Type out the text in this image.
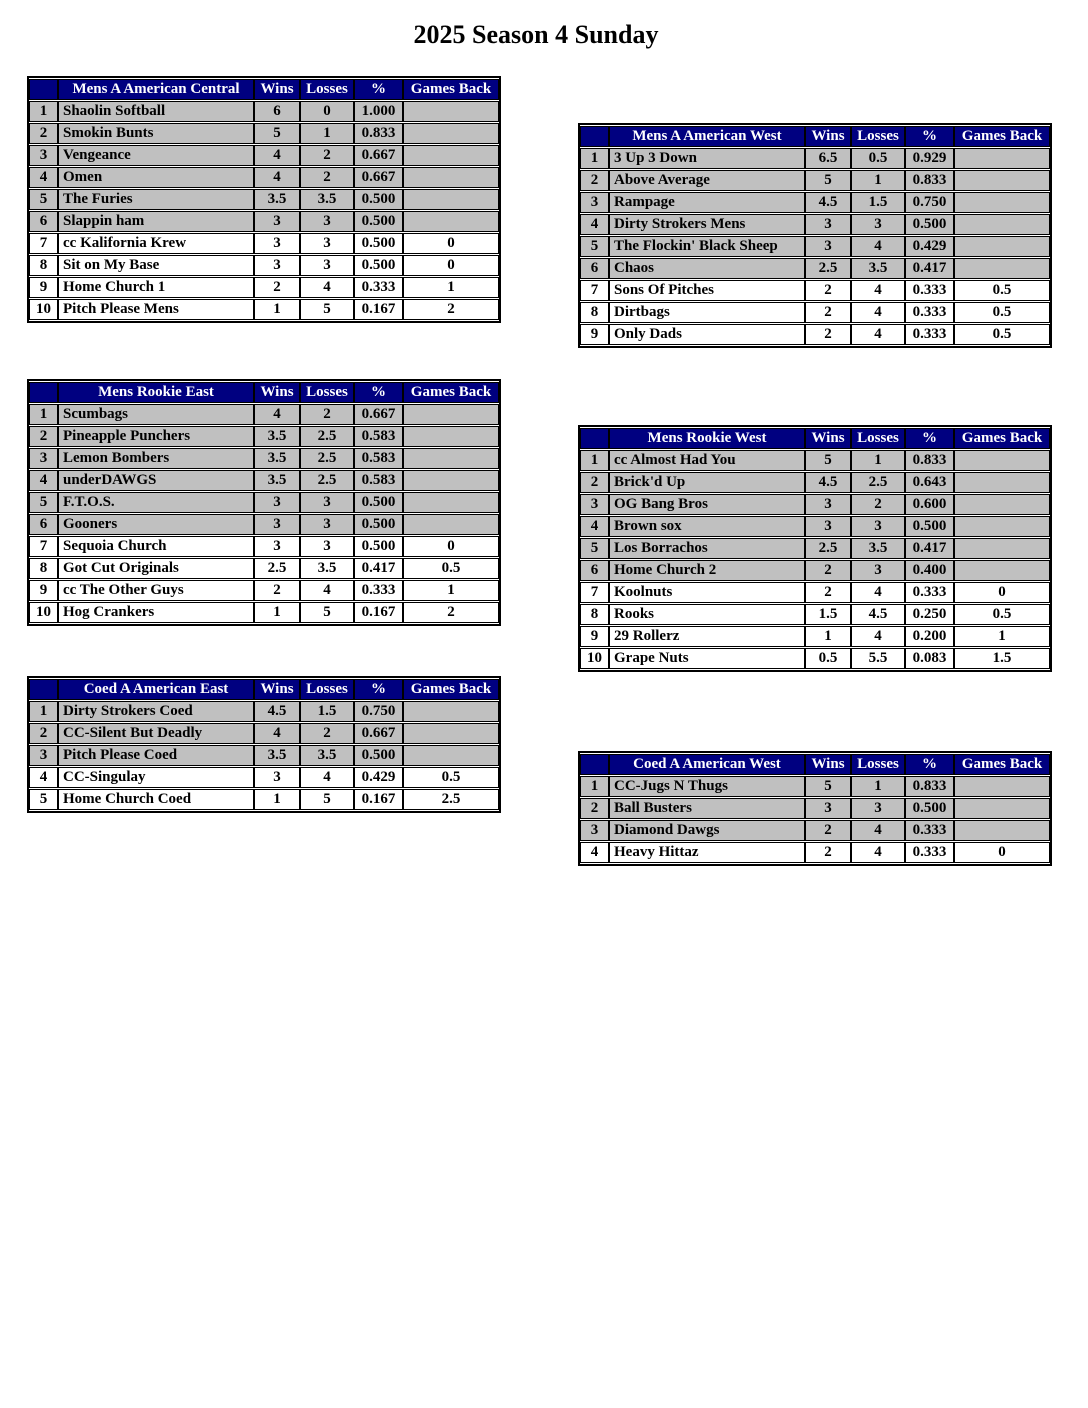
2025 Season 4 Sunday
	Mens A American Central	Wins	Losses	%	Games Back
1	Shaolin Softball	6	0	1.000	
2	Smokin Bunts	5	1	0.833	
3	Vengeance	4	2	0.667	
4	Omen	4	2	0.667	
5	The Furies	3.5	3.5	0.500	
6	Slappin ham	3	3	0.500	
7	cc Kalifornia Krew	3	3	0.500	0
8	Sit on My Base	3	3	0.500	0
9	Home Church 1	2	4	0.333	1
10	Pitch Please Mens	1	5	0.167	2
	Mens A American West	Wins	Losses	%	Games Back
1	3 Up 3 Down	6.5	0.5	0.929	
2	Above Average	5	1	0.833	
3	Rampage	4.5	1.5	0.750	
4	Dirty Strokers Mens	3	3	0.500	
5	The Flockin' Black Sheep	3	4	0.429	
6	Chaos	2.5	3.5	0.417	
7	Sons Of Pitches	2	4	0.333	0.5
8	Dirtbags	2	4	0.333	0.5
9	Only Dads	2	4	0.333	0.5
	Mens Rookie East	Wins	Losses	%	Games Back
1	Scumbags	4	2	0.667	
2	Pineapple Punchers	3.5	2.5	0.583	
3	Lemon Bombers	3.5	2.5	0.583	
4	underDAWGS	3.5	2.5	0.583	
5	F.T.O.S.	3	3	0.500	
6	Gooners	3	3	0.500	
7	Sequoia Church	3	3	0.500	0
8	Got Cut Originals	2.5	3.5	0.417	0.5
9	cc The Other Guys	2	4	0.333	1
10	Hog Crankers	1	5	0.167	2
	Mens Rookie West	Wins	Losses	%	Games Back
1	cc Almost Had You	5	1	0.833	
2	Brick'd Up	4.5	2.5	0.643	
3	OG Bang Bros	3	2	0.600	
4	Brown sox	3	3	0.500	
5	Los Borrachos	2.5	3.5	0.417	
6	Home Church 2	2	3	0.400	
7	Koolnuts	2	4	0.333	0
8	Rooks	1.5	4.5	0.250	0.5
9	29 Rollerz	1	4	0.200	1
10	Grape Nuts	0.5	5.5	0.083	1.5
	Coed A American East	Wins	Losses	%	Games Back
1	Dirty Strokers Coed	4.5	1.5	0.750	
2	CC-Silent But Deadly	4	2	0.667	
3	Pitch Please Coed	3.5	3.5	0.500	
4	CC-Singulay	3	4	0.429	0.5
5	Home Church Coed	1	5	0.167	2.5
	Coed A American West	Wins	Losses	%	Games Back
1	CC-Jugs N Thugs	5	1	0.833	
2	Ball Busters	3	3	0.500	
3	Diamond Dawgs	2	4	0.333	
4	Heavy Hittaz	2	4	0.333	0
